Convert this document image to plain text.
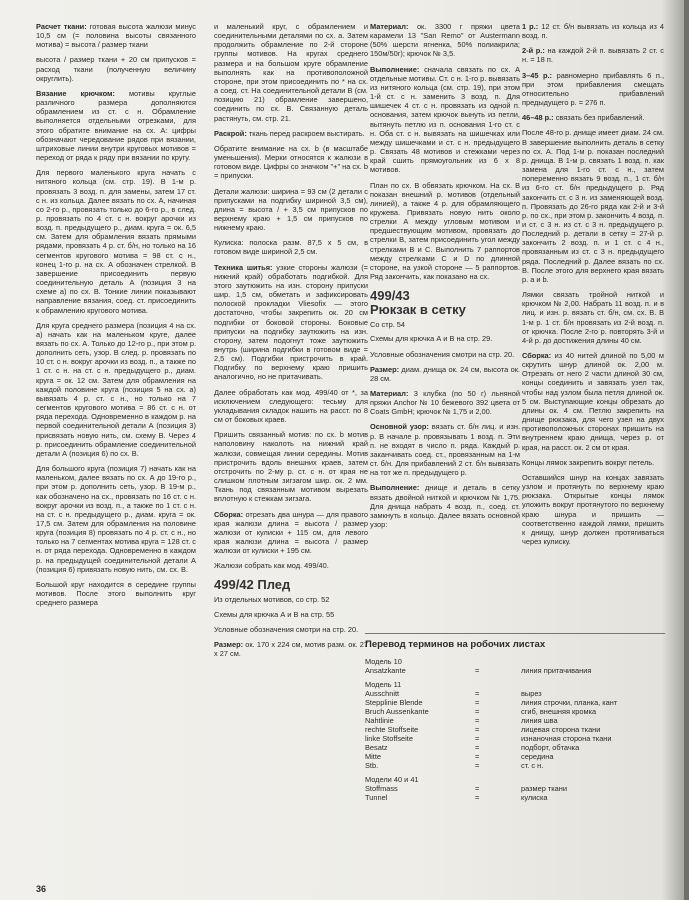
Расчет ткани: готовая высота жалюзи минус 10,5 см (= половина высоты связанного мотива) = высота / размер ткани

высота / размер ткани + 20 см припусков = расход ткани (полученную величину округлить).

Вязание крючком: мотивы круглые различного размера дополняются обрамлением из ст. с н. Обрамление выполняется отдельными отрезками, для этого обратите внимание на сх. А: цифры обозначают чередование рядов при вязании, штриховые линии внутри круговых мотивов = переход от ряда к ряду при вязании по кругу.

Для первого маленького круга начать с нитяного кольца (см. стр. 19). В 1-м р. провязать 3 возд. п. для замены, затем 17 ст. с н. из кольца. Далее вязать по сх. А, начиная со 2-го р., провязать только до 6-го р., в след. р. провязать по 4 ст. с н. вокруг арочки из возд. п. предыдущего р., диам. круга = ок. 6,5 см. Затем для обрамления вязать прямыми рядами, провязать 4 р. ст. б/н, но только на 16 сегментов кругового мотива = 98 ст. с н., конец 1-го р. на сх. А обозначен стрелкой. В завершение присоединить первую соединительную деталь А (позиция 3 на схеме а) по сх. В. Тонкие линии показывают направление вязания, соед. ст. присоединить к обрамлению кругового мотива.

Для круга среднего размера (позиция 4 на сх. а) начать как на маленьком круге, далее вязать по сх. А. Только до 12-го р., при этом р. дополнить сеть, узор. В след. р. провязать по 10 ст. с н. вокруг арочки из возд. п., а также по 1 ст. с н. на ст. с н. предыдущего р., диам. круга = ок. 12 см. Затем для обрамления на каждой половине круга (позиция 5 на сх. а) вывязать 4 р. ст. с н., но только на 7 сегментов кругового мотива = 86 ст. с н. от ряда перехода. Одновременно в каждом р. на первой соединительной детали А (позиция 3) присвязать новую нить, см. схему В. Через 4 р. присоединить обрамление соединительной детали А (позиция 6) по сх. В.

Для большого круга (позиция 7) начать как на маленьком, далее вязать по сх. А до 19-го р., при этом р. дополнить сеть, узор. В 19-м р., как обозначено на сх., провязать по 16 ст. с н. вокруг арочки из возд. п., а также по 1 ст. с н. на ст. с н. предыдущего р., диам. круга = ок. 17,5 см. Затем для обрамления на половине круга (позиция 8) провязать по 4 р. ст. с н., но только на 7 сегментах мотива круга = 128 ст. с н. от ряда перехода. Одновременно в каждом р. на предыдущей соединительной детали А (позиция 6) привязать новую нить, см. сх. В.

Большой круг находится в середине группы мотивов. После этого выполнить круг среднего размера

и маленький круг, с обрамлением и соединительными деталями по сх. а. Затем продолжить обрамление по 2-й стороне группы мотивов. На кругах среднего размера и на большом круге обрамление выполнять как на противоположной стороне, при этом присоединить по * на сх. а соед. ст. На соединительной детали В (см. позицию 21) обрамление завершено, соединить по сх. В. Связанную деталь растянуть, см. стр. 21.

Раскрой: ткань перед раскроем выстирать.

Обратите внимание на сх. b (в масштабе уменьшения). Мерки относятся к жалюзи в готовом виде. Цифры со значком "+" на сх. b = припуски.

Детали жалюзи: ширина = 93 см (2 детали с припусками на подгибку шириной 3,5 см), длина = высота / + 3,5 см припусков по верхнему краю + 1,5 см припусков по нижнему краю.

Кулиска: полоска разм. 87,5 x 5 см, в готовом виде шириной 2,5 см.

Техника шитья: узкие стороны жалюзи (= нижний край) обработать подгибкой. Для этого заутюжить на изн. сторону припуски шир. 1,5 см, обметать и зафиксировать полоской прокладки Vliesofix — этого достаточно, чтобы закрепить ок. 20 см подгибки от боковой стороны. Боковые припуски на подгибку заутюжить на изн. сторону, затем подогнут тоже заутюжить внутрь (ширина подгибки в готовом виде = 2,5 см). Подгибки пристрочить в край. Подгибку по верхнему краю пришить аналогично, но не притачивать.

Далее обработать как мод. 499/40 от *, за исключением следующего: тесьму для укладывания складок нашить на расст. по 8 см от боковых краев.

Пришить связанный мотив: по сх. b мотив наполовину наколоть на нижний край жалюзи, совмещая линии середины. Мотив пристрочить вдоль внешних краев, затем отстрочить по 2-му р. ст. с н. от края не слишком плотным зигзагом шир. ок. 2 мм. Ткань под связанным мотивом вырезать вплотную к стежкам зигзага.

Сборка: отрезать два шнура — для правого края жалюзи длина = высота / размер жалюзи от кулиски + 115 см, для левого края жалюзи длина = высота / размер жалюзи от кулиски + 195 см.

Жалюзи собрать как мод. 499/40.

499/42 Плед
Из отдельных мотивов, со стр. 52

Схемы для крючка А и В на стр. 55

Условные обозначения смотри на стр. 20.

Размер: ок. 170 x 224 см, мотив разм. ок. 27 x 27 см.

Материал: ок. 3300 г пряжи цвета карамели 13 "San Remo" от Austermann (50% шерсти ягненка, 50% полиакрила; 150м/50г); крючок № 3,5.

Выполнение: сначала связать по сх. А отдельные мотивы. Ст. с н. 1-го р. вывязать из нитяного кольца (см. стр. 19), при этом 1-й ст. с н. заменить 3 возд. п. Для шишечек 4 ст. с н. провязать из одной п. основания, затем крючок вынуть из петли, вытянуть петлю из п. основания 1-го ст. с н. Оба ст. с н. вывязать на шишечках или между шишечками и ст. с н. предыдущего р. Связать 48 мотивов и стежками через край сшить прямоугольник из 6 x 8 мотивов.

План по сх. В обвязать крючком. На сх. В показан внешний р. мотивов (отдельный линией), а также 4 р. для обрамляющего кружева. Привязать новую нить около стрелки А между угловым мотивом и предшествующим мотивом, провязать до стрелки В, затем присоединить угол между стрелками В и С. Выполнить 7 раппортов между стрелками С и D по длинной стороне, на узкой стороне — 5 раппортов. Ряд закончить, как показано на сх.

499/43
Рюкзак в сетку
Со стр. 54

Схемы для крючка А и В на стр. 29.

Условные обозначения смотри на стр. 20.

Размер: диам. днища ок. 24 см, высота ок. 28 см.

Материал: 3 клубка (по 50 г) льняной пряжи Anchor № 10 бежевого 392 цвета от Coats GmbH; крючок № 1,75 и 2,00.

Основной узор: вязать ст. б/н лиц. и изн. р. В начале р. провязывать 1 возд. п. Эти п. не входят в число п. ряда. Каждый р. заканчивать соед. ст., провязанным на 1-м ст. б/н. Для прибавлений 2 ст. б/н вывязать на тот же п. предыдущего р.

Выполнение: днище и деталь в сетку вязать двойной ниткой и крючком № 1,75. Для днища набрать 4 возд. п., соед. ст. замкнуть в кольцо. Далее вязать основной узор:

1 р.: 12 ст. б/н вывязать из кольца из 4 возд. п.

2-й р.: на каждой 2-й п. вывязать 2 ст. с н. = 18 п.

3–45 р.: равномерно прибавлять 6 п., при этом прибавления смещать относительно прибавлений предыдущего р. = 276 п.

46–48 р.: связать без прибавлений.

После 48-го р. днище имеет диам. 24 см. В завершение выполнить деталь в сетку по сх. А. Под 1-м р. показан последний р. днища. В 1-м р. связать 1 возд. п. как замена для 1-го ст. с н., затем попеременно вязать 9 возд. п., 1 ст. б/н из 6-го ст. б/н предыдущего р. Ряд закончить ст. с 3 н. из заменяющей возд. п. Провязать до 26-го ряда как 2-й и 3-й р. по сх., при этом р. закончить 4 возд. п. и ст. с 3 н. из ст. с 3 н. предыдущего р. Последний р. детали в сетку = 27-й р. закончить 2 возд. п. и 1 ст. с 4 н., провязанным из ст. с 3 н. предыдущего ряда. Последний р. Далее вязать по сх. В. После этого для верхнего края вязать р. а и b.

Лямки связать тройной ниткой и крючком № 2,00. Набрать 11 возд. п. и в лиц. и изн. р. вязать ст. б/н, см. сх. В. В 1-м р. 1 ст. б/н провязать из 2-й возд. п. от крючка. После 2-го р. повторять 3-й и 4-й р. до достижения длины 40 см.

Сборка: из 40 нитей длиной по 5,00 м скрутить шнур длиной ок. 2,00 м. Отрезать от него 2 части длиной 30 см, концы соединить и завязать узел так, чтобы над узлом была петля длиной ок. 5 см. Выступающие концы обрезать до длины ок. 4 см. Петлю закрепить на днище рюкзака, для чего узел на двух противоположных сторонах пришить на внутреннем краю днища, через р. от края, на расст. ок. 2 см от края.

Концы лямок закрепить вокруг петель.

Оставшийся шнур на концах завязать узлом и протянуть по верхнему краю рюкзака. Открытые концы лямок уложить вокруг протянутого по верхнему краю шнура и пришить — соответственно каждой лямки, пришить к днищу, шнур должен протягиваться через кулиску.

Перевод терминов на робочих листах
Модель 10
Ansatzkante	=	линия притачивания
Модель 11
Ausschnitt	=	вырез
Stepplinie Blende	=	линия строчки, планка, кант
Bruch Aussenkante	=	сгиб, внешняя кромка
Nahtlinie	=	линия шва
rechte Stoffseite	=	лицевая сторона ткани
linke Stoffseite	=	изнаночная сторона ткани
Besatz	=	подборт, обтачка
Mitte	=	середина
Stb.	=	ст. с н.
Модели 40 и 41
Stoffmass	=	размер ткани
Tunnel	=	кулиска
36
